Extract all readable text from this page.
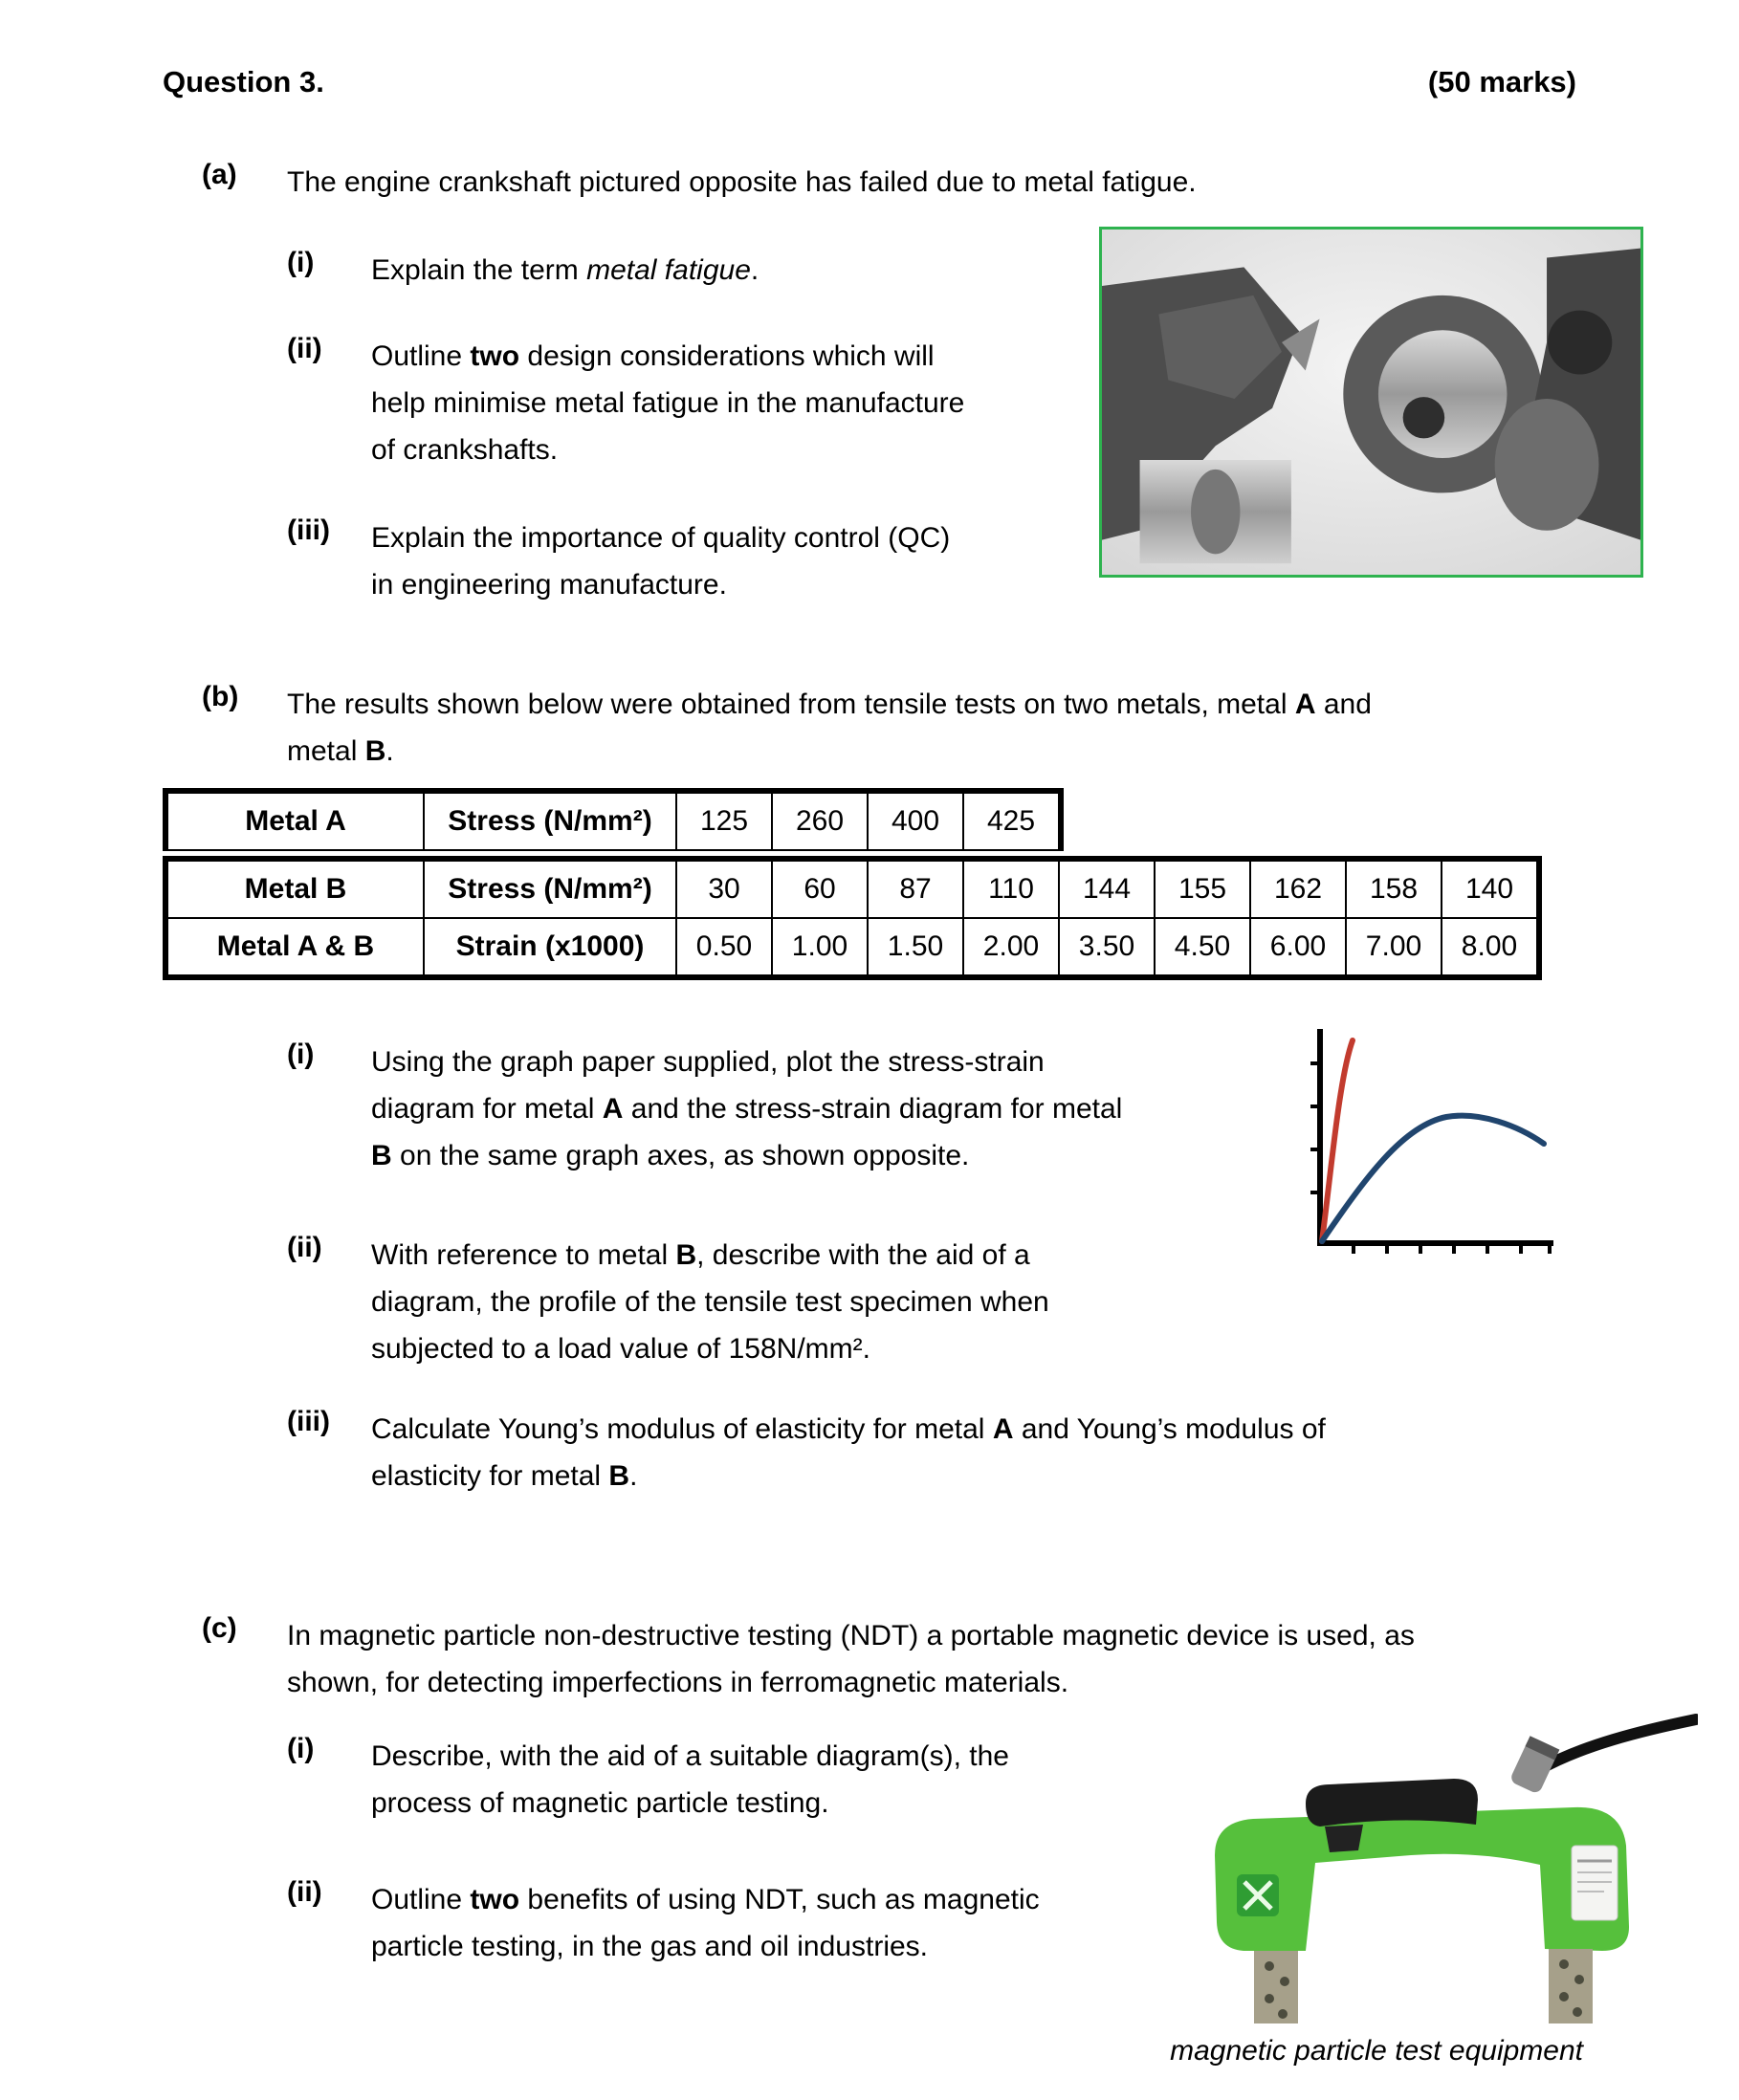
Question 3.	(50 marks)
(a) The engine crankshaft pictured opposite has failed due to metal fatigue.
(i) Explain the term metal fatigue.
(ii) Outline two design considerations which will
help minimise metal fatigue in the manufacture
of crankshafts.
(iii) Explain the importance of quality control (QC)
in engineering manufacture.
(b) The results shown below were obtained from tensile tests on two metals, metal A and
metal B.
Metal A	Stress (N/mm²)	125	260	400	425
Metal B	Stress (N/mm²)	30	60	87	110	144	155	162	158	140
Metal A & B	Strain (x1000)	0.50	1.00	1.50	2.00	3.50	4.50	6.00	7.00	8.00
(i) Using the graph paper supplied, plot the stress-strain
diagram for metal A and the stress-strain diagram for metal
B on the same graph axes, as shown opposite.
(ii) With reference to metal B, describe with the aid of a
diagram, the profile of the tensile test specimen when
subjected to a load value of 158N/mm².
(iii) Calculate Young’s modulus of elasticity for metal A and Young’s modulus of
elasticity for metal B.
(c) In magnetic particle non-destructive testing (NDT) a portable magnetic device is used, as
shown, for detecting imperfections in ferromagnetic materials.
(i) Describe, with the aid of a suitable diagram(s), the
process of magnetic particle testing.
(ii) Outline two benefits of using NDT, such as magnetic
particle testing, in the gas and oil industries.
magnetic particle test equipment
